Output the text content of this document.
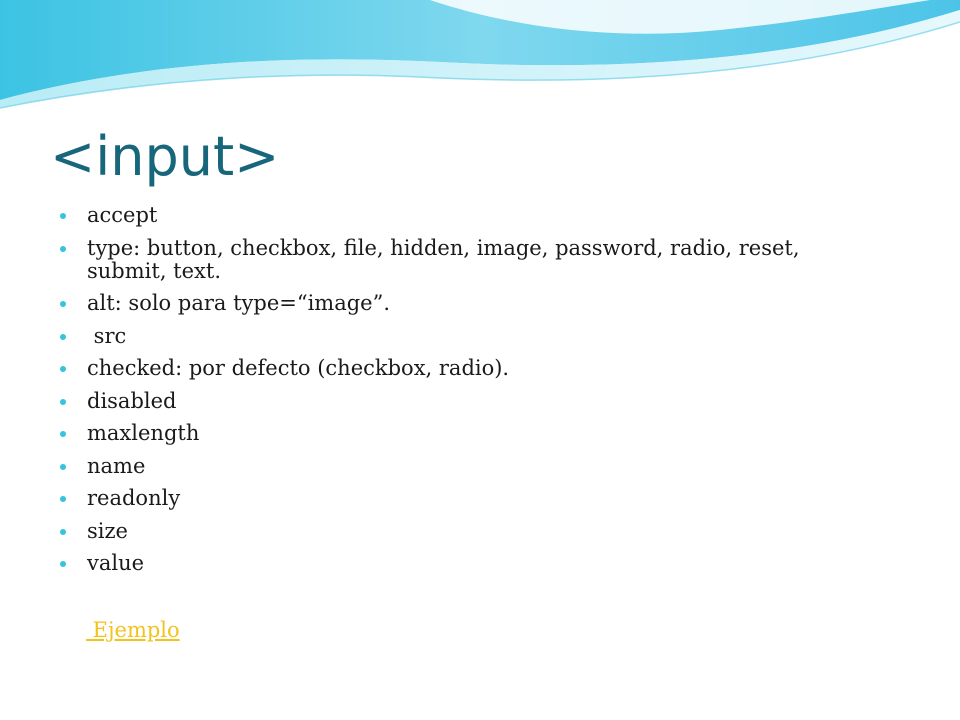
<input>
accept
type: button, checkbox, file, hidden, image, password, radio, reset, submit, text.
alt: solo para type=“image”.
src
checked: por defecto (checkbox, radio).
disabled
maxlength
name
readonly
size
value
Ejemplo
